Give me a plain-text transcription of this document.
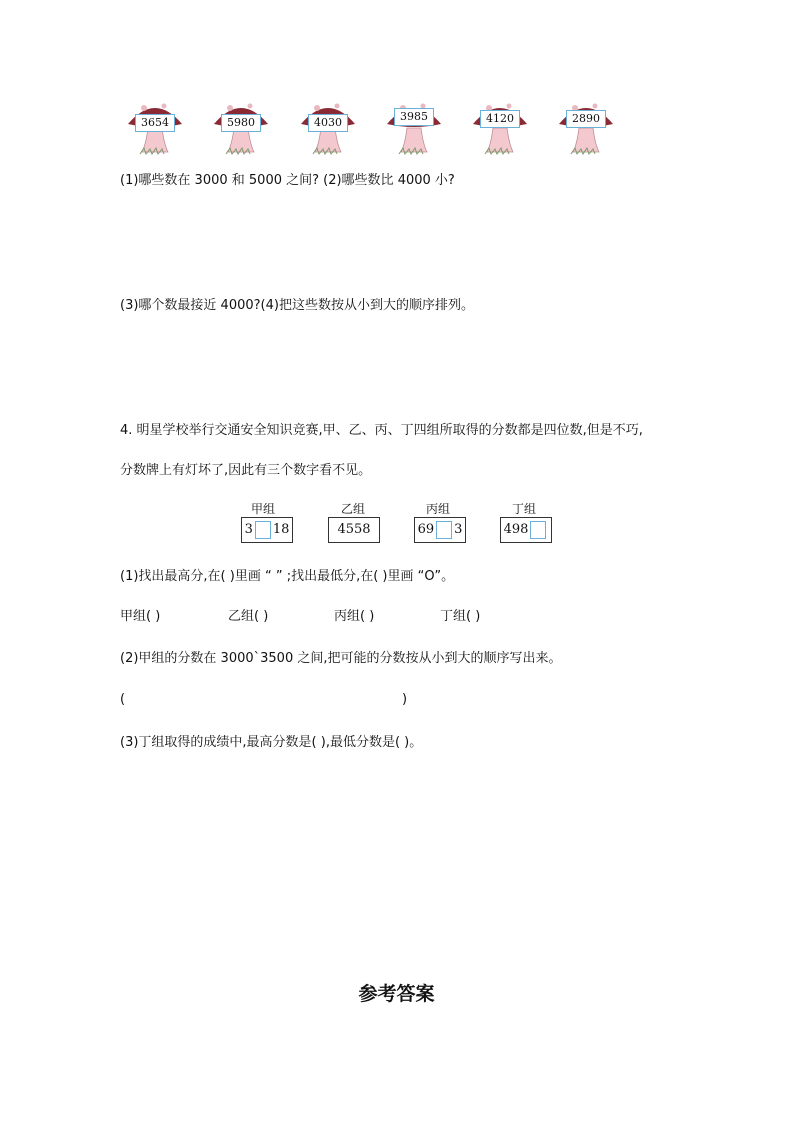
3654	5980	4030	3985	4120	2890
(1)哪些数在 3000 和 5000 之间? (2)哪些数比 4000 小?
(3)哪个数最接近 4000?(4)把这些数按从小到大的顺序排列。
4. 明星学校举行交通安全知识竞赛,甲、乙、丙、丁四组所取得的分数都是四位数,但是不巧,
分数牌上有灯坏了,因此有三个数字看不见。
甲组	乙组	丙组	丁组
3 18	4558	69 3	498
(1)找出最高分,在( )里画 “ ” ;找出最低分,在( )里画 “O”。
甲组( )	乙组( )	丙组( )	丁组( )
(2)甲组的分数在 3000`3500 之间,把可能的分数按从小到大的顺序写出来。
(	)
(3)丁组取得的成绩中,最高分数是( ),最低分数是( )。
参考答案
